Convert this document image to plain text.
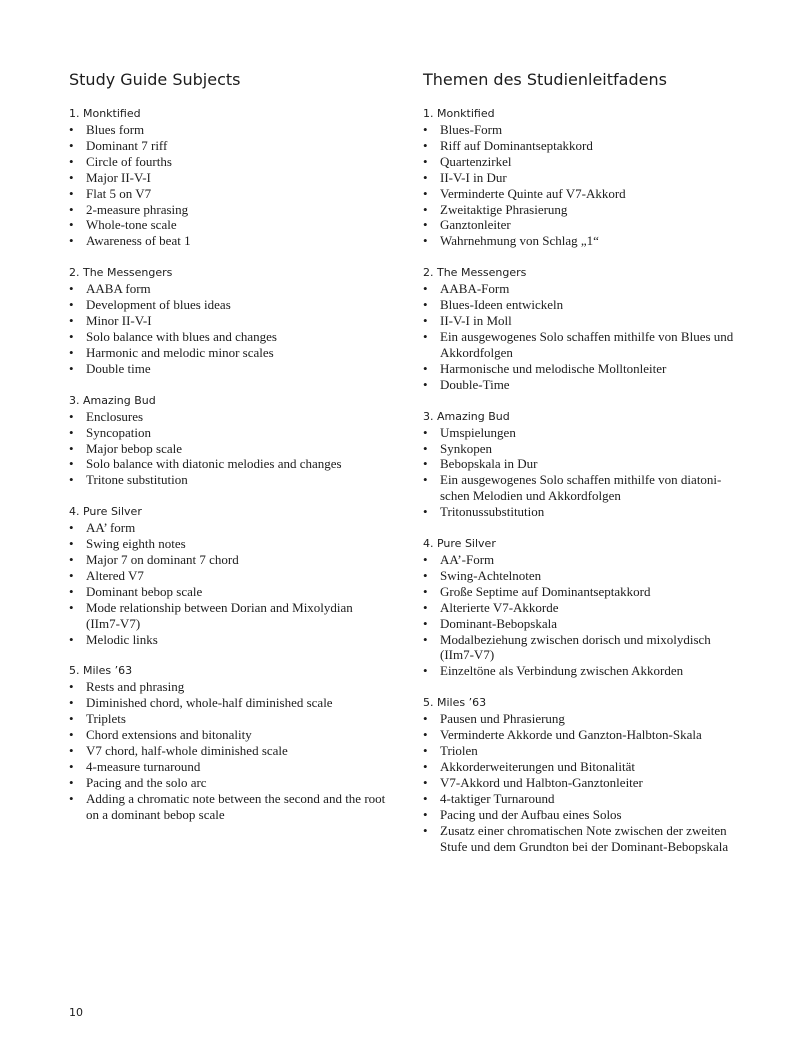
Study Guide Subjects
1. Monktified
• Blues form
• Dominant 7 riff
• Circle of fourths
• Major II-V-I
• Flat 5 on V7
• 2-measure phrasing
• Whole-tone scale
• Awareness of beat 1
2. The Messengers
• AABA form
• Development of blues ideas
• Minor II-V-I
• Solo balance with blues and changes
• Harmonic and melodic minor scales
• Double time
3. Amazing Bud
• Enclosures
• Syncopation
• Major bebop scale
• Solo balance with diatonic melodies and changes
• Tritone substitution
4. Pure Silver
• AA’ form
• Swing eighth notes
• Major 7 on dominant 7 chord
• Altered V7
• Dominant bebop scale
• Mode relationship between Dorian and Mixolydian (IIm7-V7)
• Melodic links
5. Miles ’63
• Rests and phrasing
• Diminished chord, whole-half diminished scale
• Triplets
• Chord extensions and bitonality
• V7 chord, half-whole diminished scale
• 4-measure turnaround
• Pacing and the solo arc
• Adding a chromatic note between the second and the root on a dominant bebop scale
Themen des Studienleitfadens
1. Monktified
• Blues-Form
• Riff auf Dominantseptakkord
• Quartenzirkel
• II-V-I in Dur
• Verminderte Quinte auf V7-Akkord
• Zweitaktige Phrasierung
• Ganztonleiter
• Wahrnehmung von Schlag „1“
2. The Messengers
• AABA-Form
• Blues-Ideen entwickeln
• II-V-I in Moll
• Ein ausgewogenes Solo schaffen mithilfe von Blues und Akkordfolgen
• Harmonische und melodische Molltonleiter
• Double-Time
3. Amazing Bud
• Umspielungen
• Synkopen
• Bebopskala in Dur
• Ein ausgewogenes Solo schaffen mithilfe von diatonischen Melodien und Akkordfolgen
• Tritonussubstitution
4. Pure Silver
• AA’-Form
• Swing-Achtelnoten
• Große Septime auf Dominantseptakkord
• Alterierte V7-Akkorde
• Dominant-Bebopskala
• Modalbeziehung zwischen dorisch und mixolydisch (IIm7-V7)
• Einzeltöne als Verbindung zwischen Akkorden
5. Miles ’63
• Pausen und Phrasierung
• Verminderte Akkorde und Ganzton-Halbton-Skala
• Triolen
• Akkorderweiterungen und Bitonalität
• V7-Akkord und Halbton-Ganztonleiter
• 4-taktiger Turnaround
• Pacing und der Aufbau eines Solos
• Zusatz einer chromatischen Note zwischen der zweiten Stufe und dem Grundton bei der Dominant-Bebopskala
10
